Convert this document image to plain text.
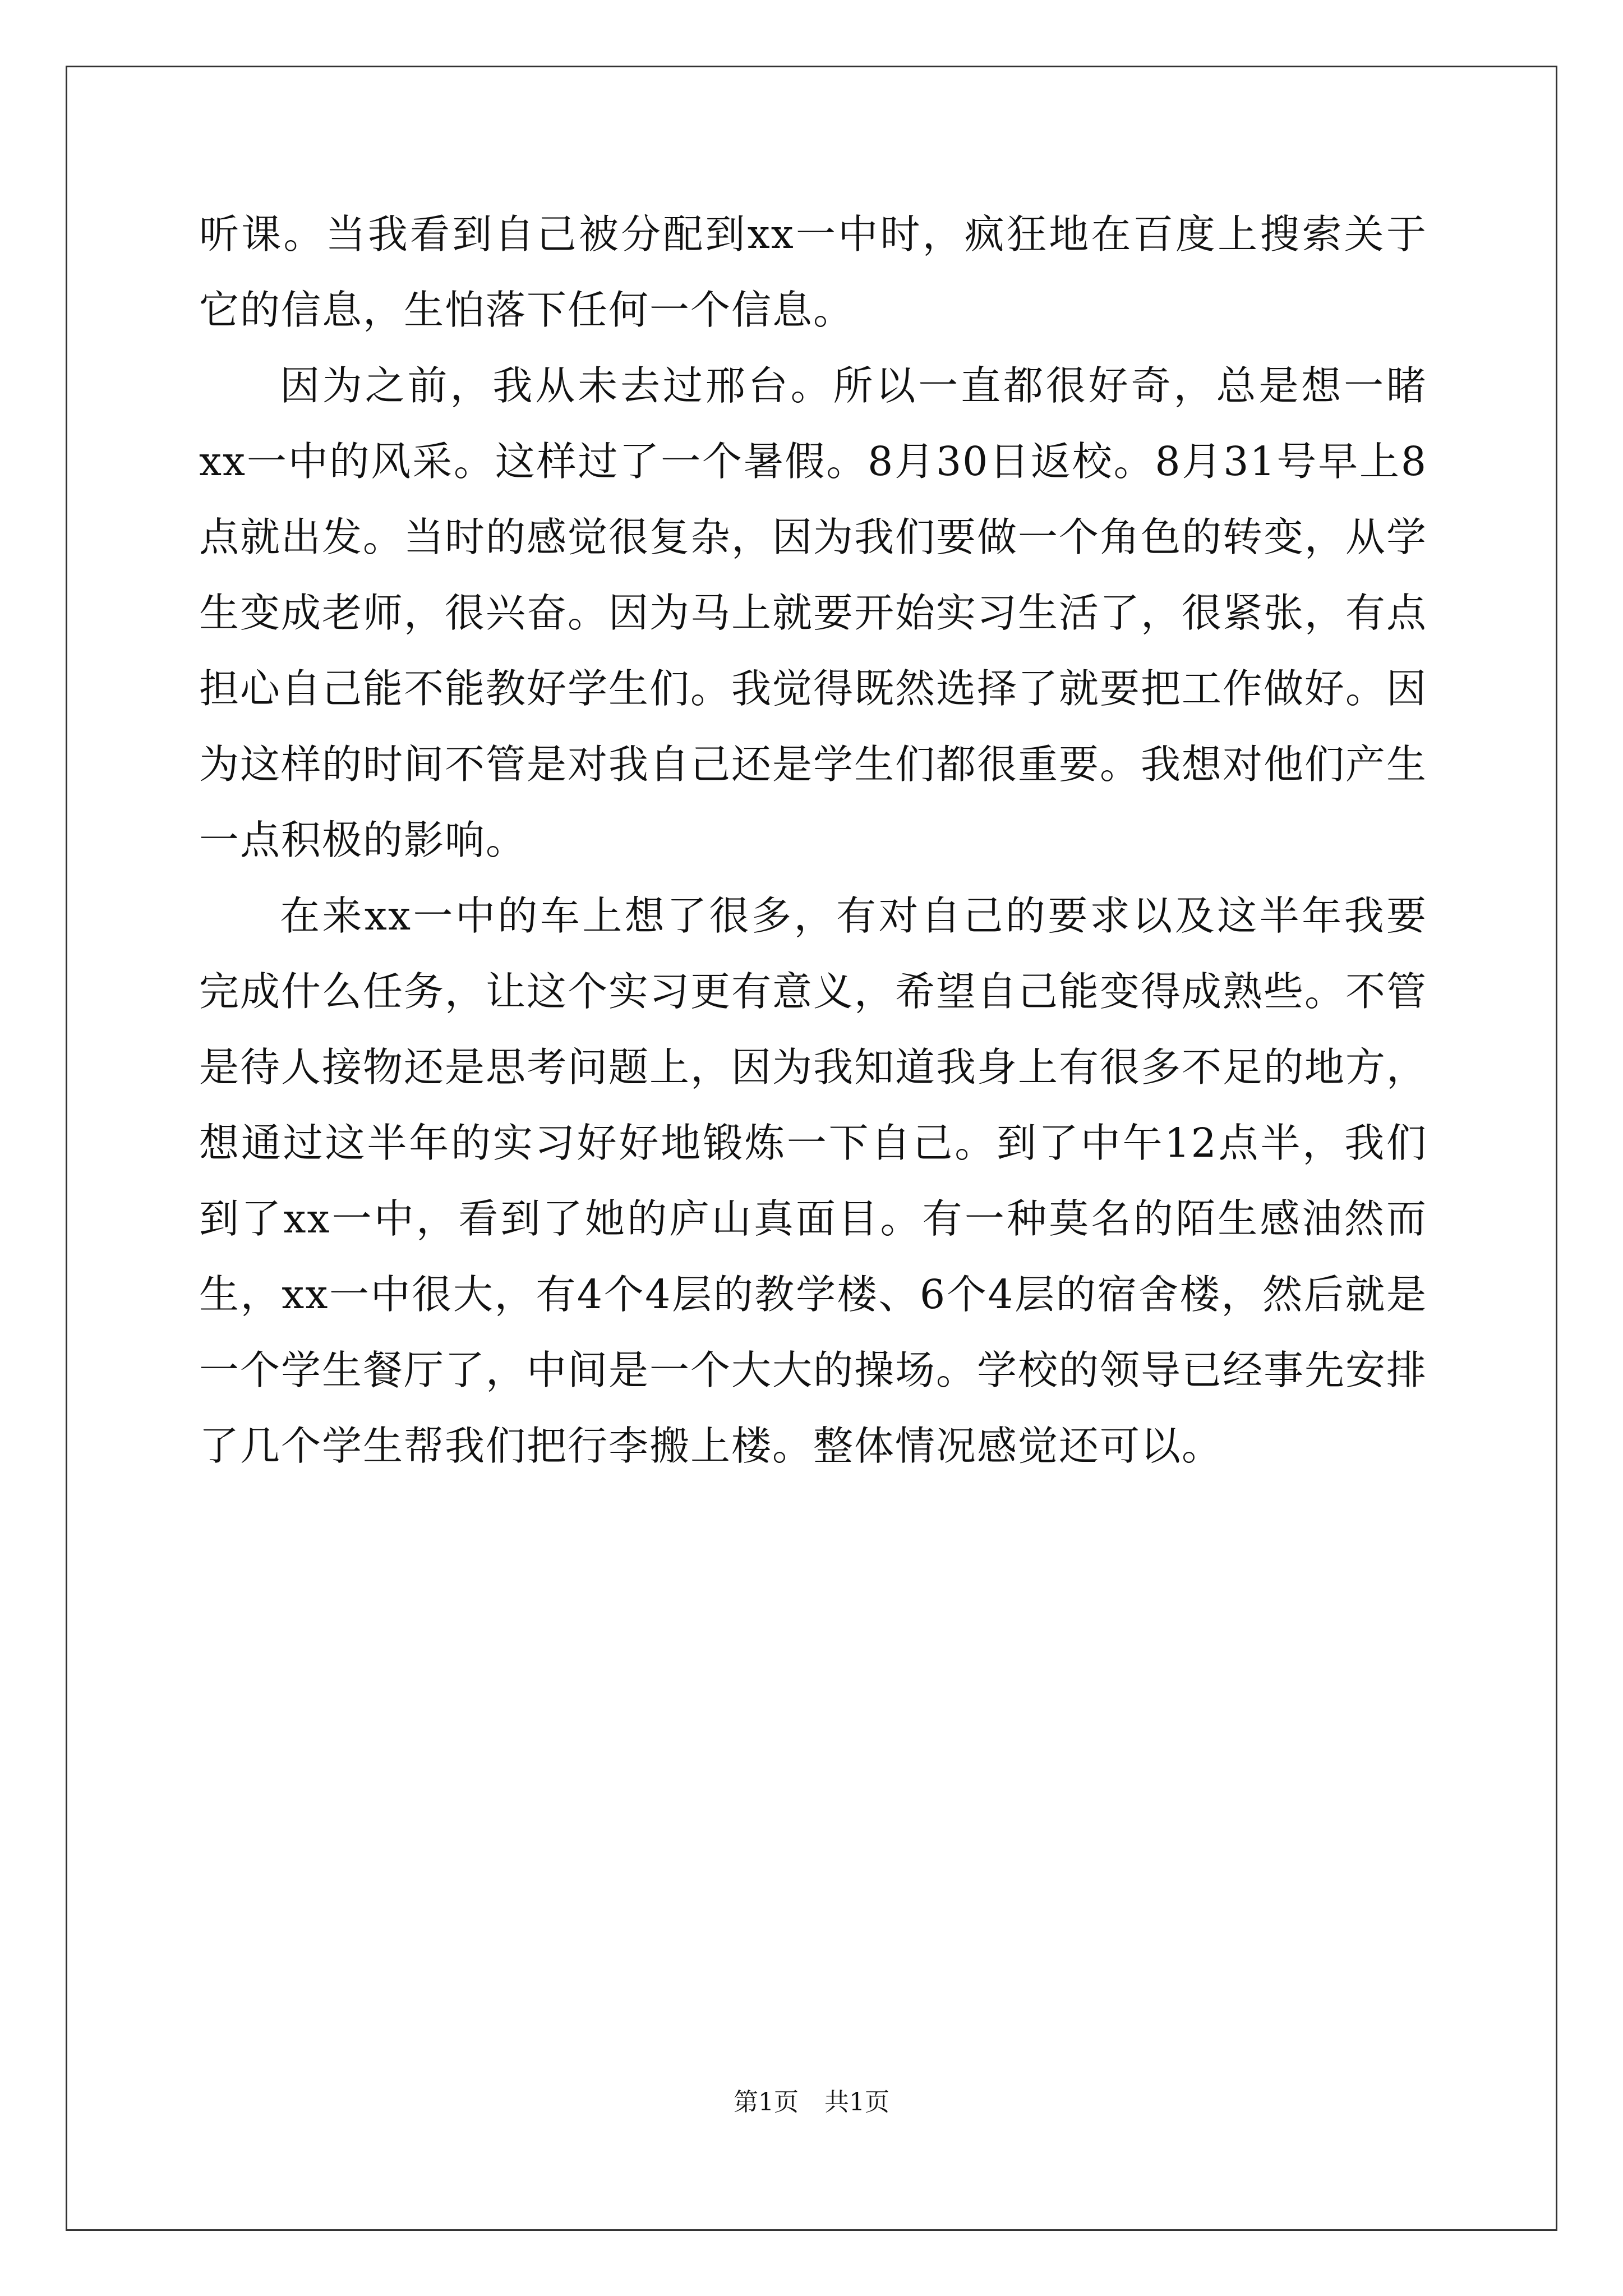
听课。当我看到自己被分配到xx一中时，疯狂地在百度上搜索关于它的信息，生怕落下任何一个信息。

因为之前，我从未去过邢台。所以一直都很好奇，总是想一睹xx一中的风采。这样过了一个暑假。8月30日返校。8月31号早上8点就出发。当时的感觉很复杂，因为我们要做一个角色的转变，从学生变成老师，很兴奋。因为马上就要开始实习生活了，很紧张，有点担心自己能不能教好学生们。我觉得既然选择了就要把工作做好。因为这样的时间不管是对我自己还是学生们都很重要。我想对他们产生一点积极的影响。

在来xx一中的车上想了很多，有对自己的要求以及这半年我要完成什么任务，让这个实习更有意义，希望自己能变得成熟些。不管是待人接物还是思考问题上，因为我知道我身上有很多不足的地方，想通过这半年的实习好好地锻炼一下自己。到了中午12点半，我们到了xx一中，看到了她的庐山真面目。有一种莫名的陌生感油然而生，xx一中很大，有4个4层的教学楼、6个4层的宿舍楼，然后就是一个学生餐厅了，中间是一个大大的操场。学校的领导已经事先安排了几个学生帮我们把行李搬上楼。整体情况感觉还可以。

第1页 共1页
